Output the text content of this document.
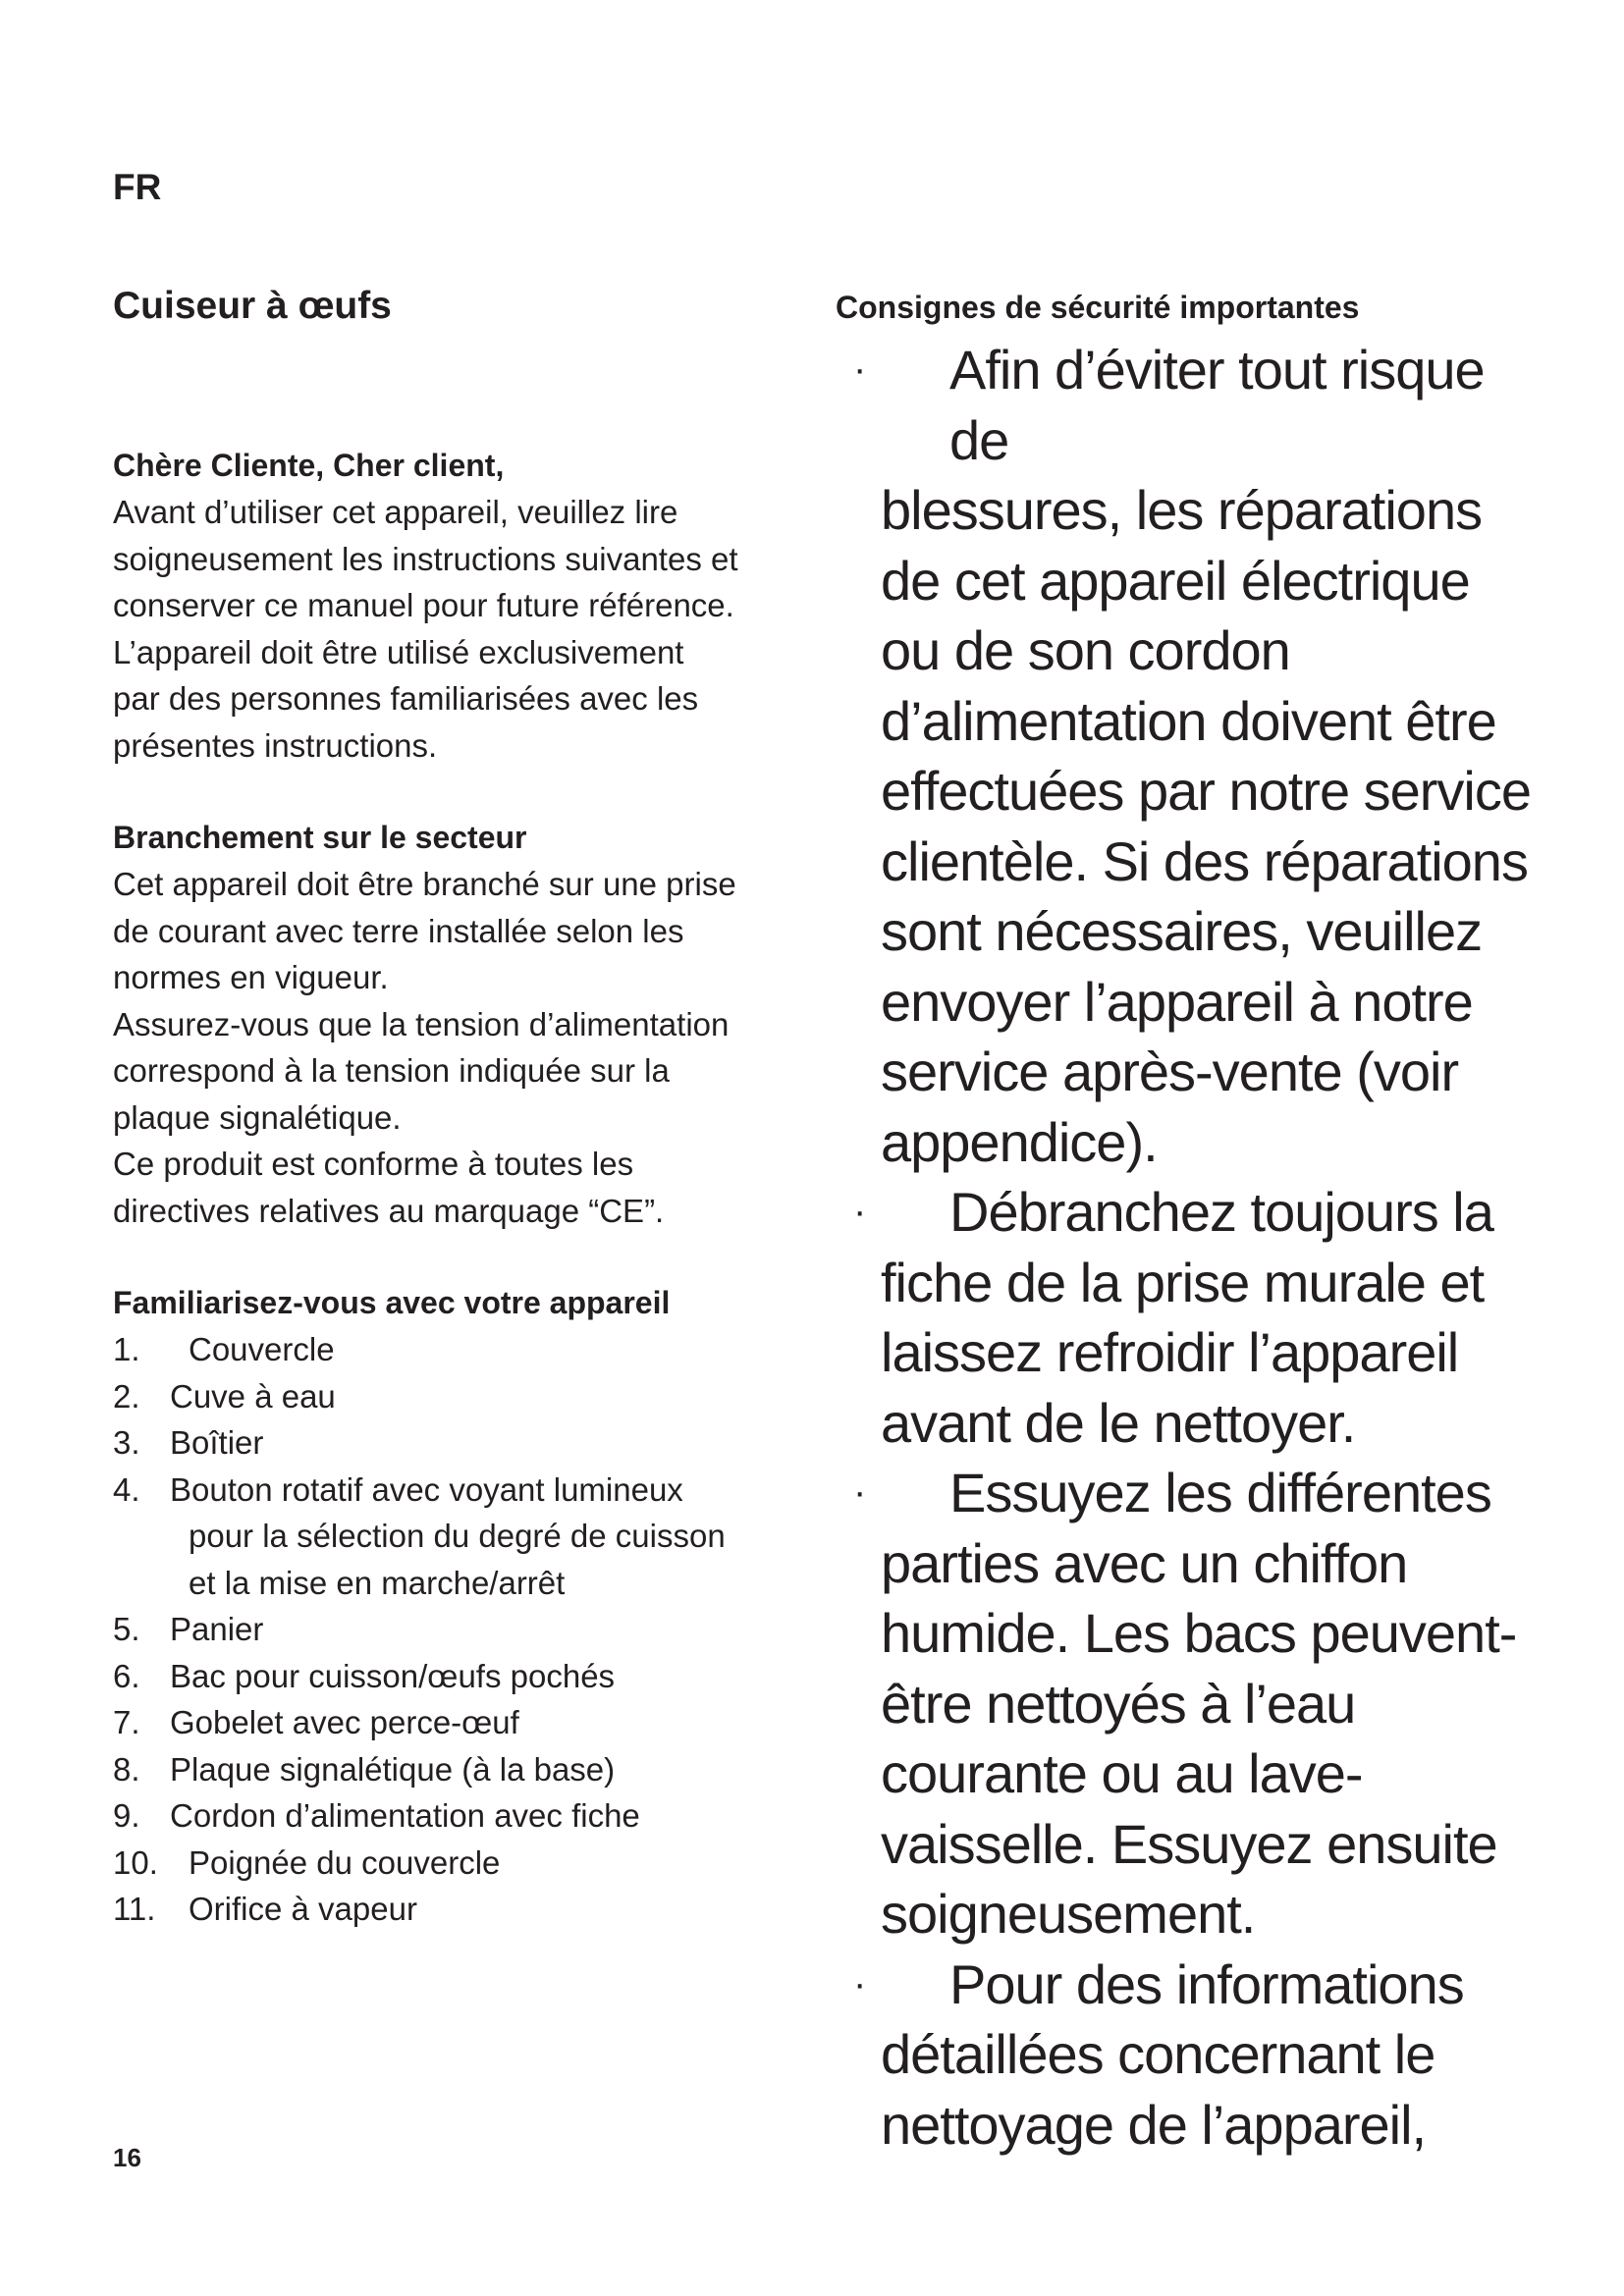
FR

Cuiseur à œufs
Chère Cliente, Cher client,

Avant d’utiliser cet appareil, veuillez lire

soigneusement les instructions suivantes et

conserver ce manuel pour future référence.

L’appareil doit être utilisé exclusivement

par des personnes familiarisées avec les

présentes instructions.

Branchement sur le secteur

Cet appareil doit être branché sur une prise

de courant avec terre installée selon les

normes en vigueur.

Assurez-vous que la tension d’alimentation

correspond à la tension indiquée sur la

plaque signalétique.

Ce produit est conforme à toutes les

directives relatives au marquage “CE”.

Familiarisez-vous avec votre appareil
1. Couvercle
2. Cuve à eau
3. Boîtier
4. Bouton rotatif avec voyant lumineux
pour la sélection du degré de cuisson
et la mise en marche/arrêt
5. Panier
6. Bac pour cuisson/œufs pochés
7. Gobelet avec perce-œuf
8. Plaque signalétique (à la base)
9. Cordon d’alimentation avec fiche
10. Poignée du couvercle
11. Orifice à vapeur
Consignes de sécurité importantes
·	Afin d’éviter tout risque de
blessures, les réparations
de cet appareil électrique
ou de son cordon
d’alimentation doivent être
effectuées par notre service
clientèle. Si des réparations
sont nécessaires, veuillez
envoyer l’appareil à notre
service après-vente (voir
appendice).
·	Débranchez toujours la
fiche de la prise murale et
laissez refroidir l’appareil
avant de le nettoyer.
·	Essuyez les différentes
parties avec un chiffon
humide. Les bacs peuvent-
être nettoyés à l’eau
courante ou au lave-
vaisselle. Essuyez ensuite
soigneusement.
·	Pour des informations
détaillées concernant le
nettoyage de l’appareil,

16
